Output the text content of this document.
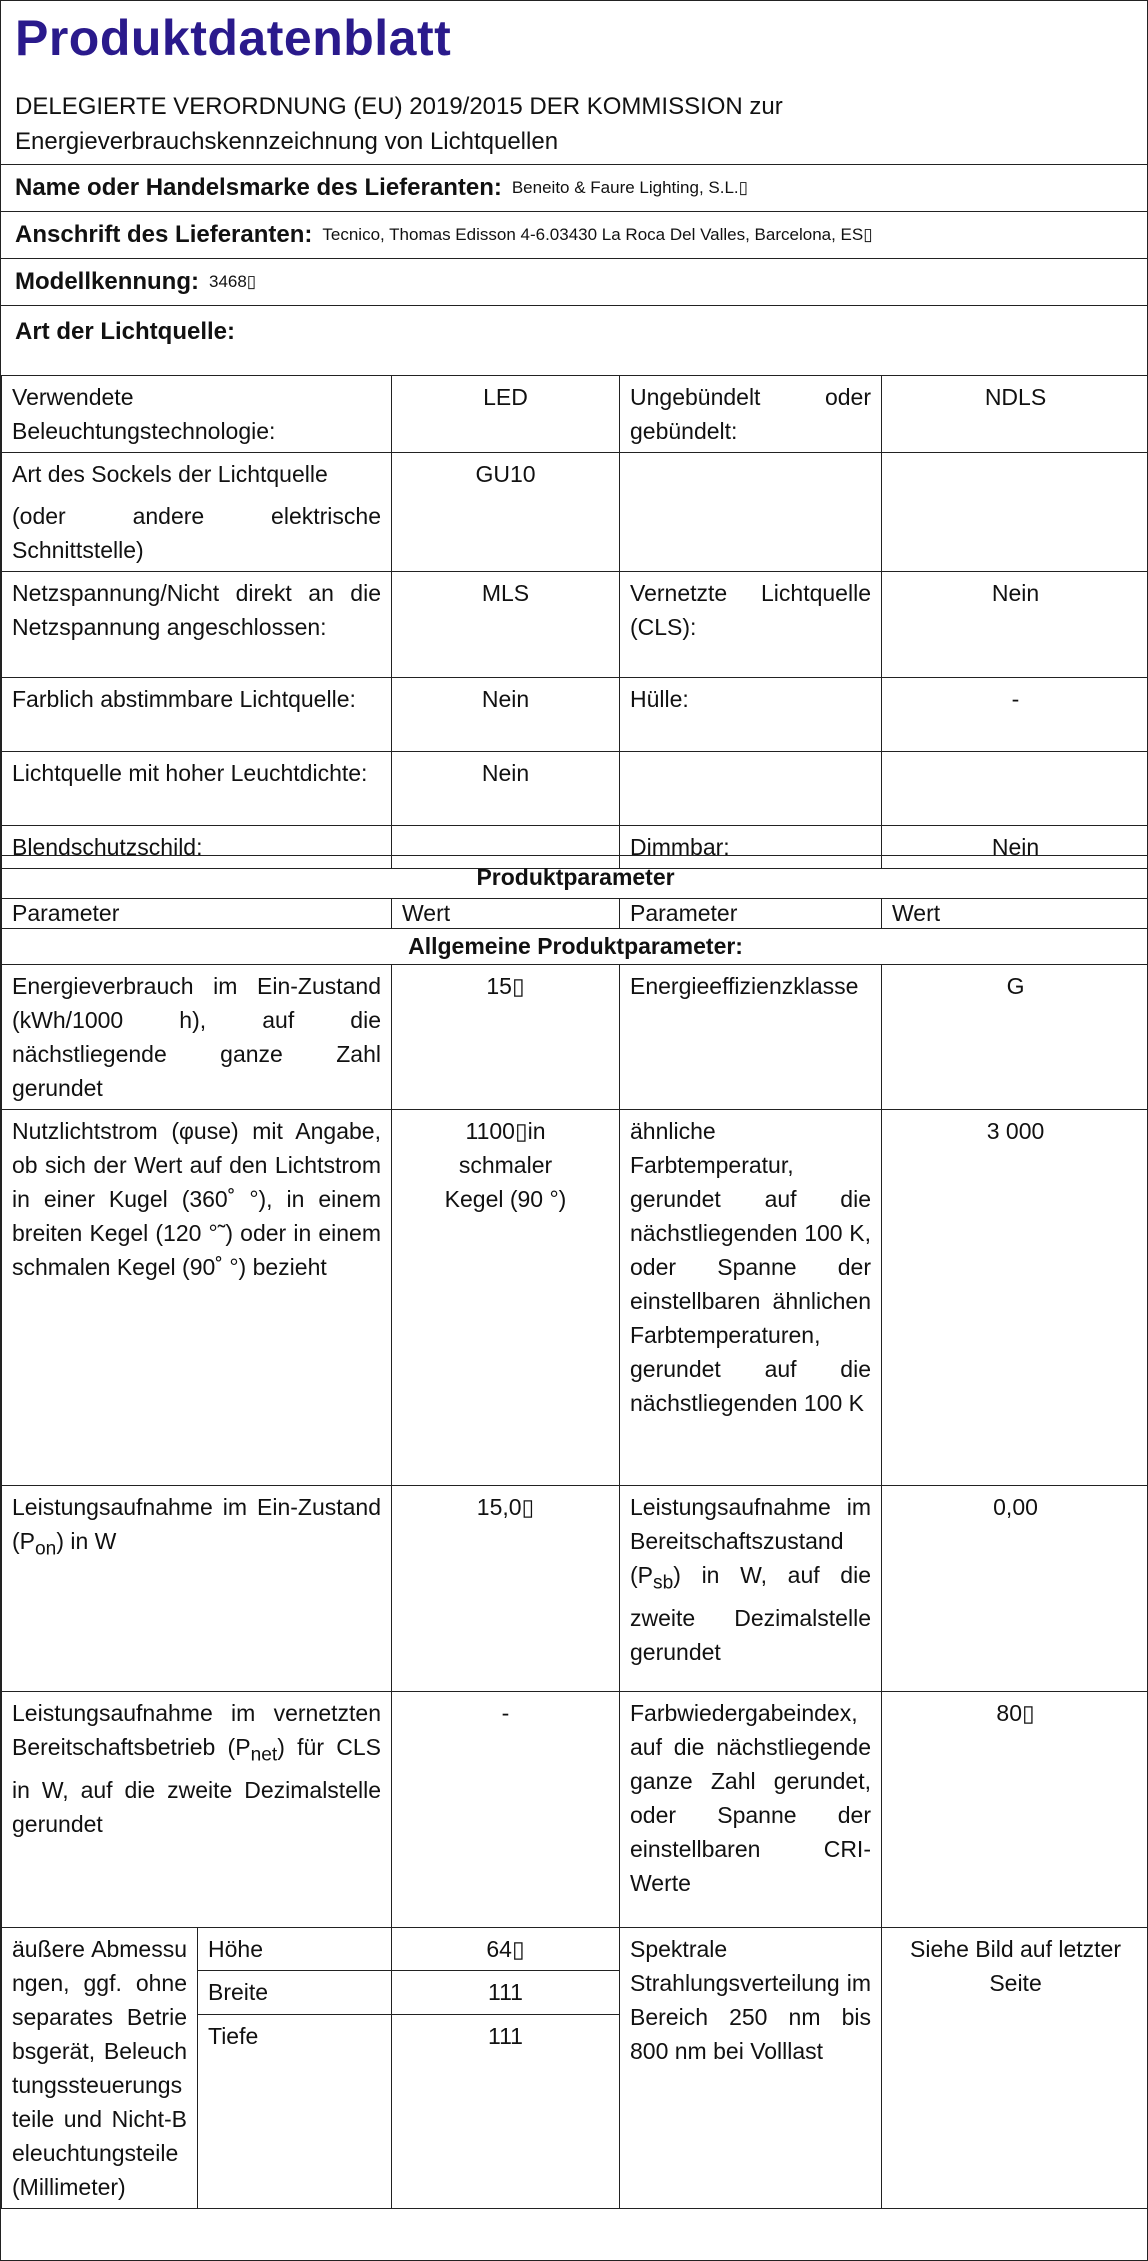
Produktdatenblatt
DELEGIERTE VERORDNUNG (EU) 2019/2015 DER KOMMISSION zur
Energieverbrauchskennzeichnung von Lichtquellen
Name oder Handelsmarke des Lieferanten: Beneito & Faure Lighting, S.L.▯
Anschrift des Lieferanten: Tecnico, Thomas Edisson 4-6.03430 La Roca Del Valles, Barcelona, ES▯
Modellkennung: 3468▯
Art der Lichtquelle:
Verwendete Beleuchtungstechnologie:	LED	Ungebündelt oder gebündelt:	NDLS

Art des Sockels der Lichtquelle
(oder andere elektrische
Schnittstelle)	GU10		
Netzspannung/Nicht direkt an die Netzspannung angeschlossen:	MLS	Vernetzte Lichtquelle (CLS):	Nein
Farblich abstimmbare Lichtquelle:	Nein	Hülle:	-
Lichtquelle mit hoher Leuchtdichte:	Nein		
Blendschutzschild:		Dimmbar:	Nein
Produktparameter				
Parameter		Wert	Parameter	Wert
Allgemeine Produktparameter:				
Energieverbrauch im Ein-Zustand (kWh/1000 h), auf die nächstliegende ganze Zahl gerundet		15▯	Energieeffizienzklasse	G
Nutzlichtstrom (φuse) mit Angabe, ob sich der Wert auf den Lichtstrom in einer Kugel (360˚ °), in einem breiten Kegel (120 °˜) oder in einem schmalen Kegel (90˚ °) bezieht		1100▯in schmaler Kegel (90 °)	ähnliche Farbtemperatur, gerundet auf die nächstliegenden 100 K, oder Spanne der einstellbaren ähnlichen Farbtemperaturen, gerundet auf die nächstliegenden 100 K	3 000
Leistungsaufnahme im Ein-Zustand $(P_{on})$ in W		15,0▯	Leistungsaufnahme im Bereitschaftszustand $(P_{sb})$ in W, auf die zweite Dezimalstelle gerundet	0,00
Leistungsaufnahme im vernetzten Bereitschaftsbetrieb $(P_{net})$ für CLS in W, auf die zweite Dezimalstelle gerundet		-	Farbwiedergabeindex, auf die nächstliegende ganze Zahl gerundet, oder Spanne der einstellbaren CRI-Werte	80▯
äußere Abmessungen, ggf. ohne separates Betriebsgerät, Beleuchtungssteuerungsteile und Nicht-Beleuchtungsteile (Millimeter)	Höhe	64▯	Spektrale Strahlungsverteilung im Bereich 250 nm bis 800 nm bei Volllast	Siehe Bild auf letzter Seite
	Breite	111		
	Tiefe	111		
